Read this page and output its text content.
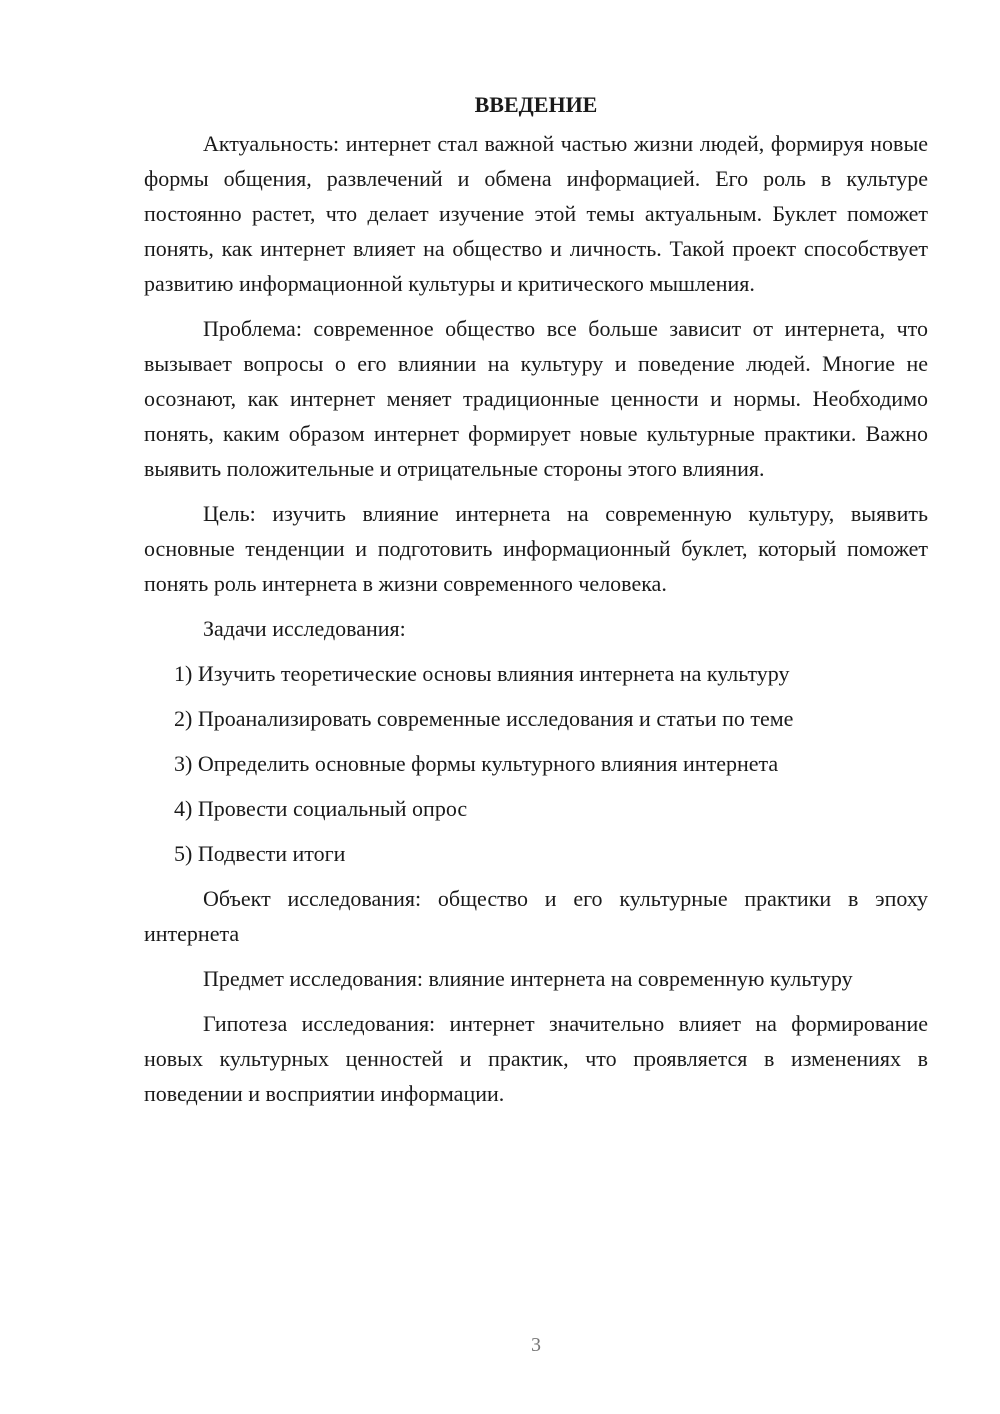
ВВЕДЕНИЕ

Актуальность: интернет стал важной частью жизни людей, формируя новые формы общения, развлечений и обмена информацией. Его роль в культуре постоянно растет, что делает изучение этой темы актуальным. Буклет поможет понять, как интернет влияет на общество и личность. Такой проект способствует развитию информационной культуры и критического мышления.

Проблема: современное общество все больше зависит от интернета, что вызывает вопросы о его влиянии на культуру и поведение людей. Многие не осознают, как интернет меняет традиционные ценности и нормы. Необходимо понять, каким образом интернет формирует новые культурные практики. Важно выявить положительные и отрицательные стороны этого влияния.

Цель: изучить влияние интернета на современную культуру, выявить основные тенденции и подготовить информационный буклет, который поможет понять роль интернета в жизни современного человека.

Задачи исследования:

1) Изучить теоретические основы влияния интернета на культуру
2) Проанализировать современные исследования и статьи по теме
3) Определить основные формы культурного влияния интернета
4) Провести социальный опрос
5) Подвести итоги

Объект исследования: общество и его культурные практики в эпоху интернета

Предмет исследования: влияние интернета на современную культуру

Гипотеза исследования: интернет значительно влияет на формирование новых культурных ценностей и практик, что проявляется в изменениях в поведении и восприятии информации.

3
